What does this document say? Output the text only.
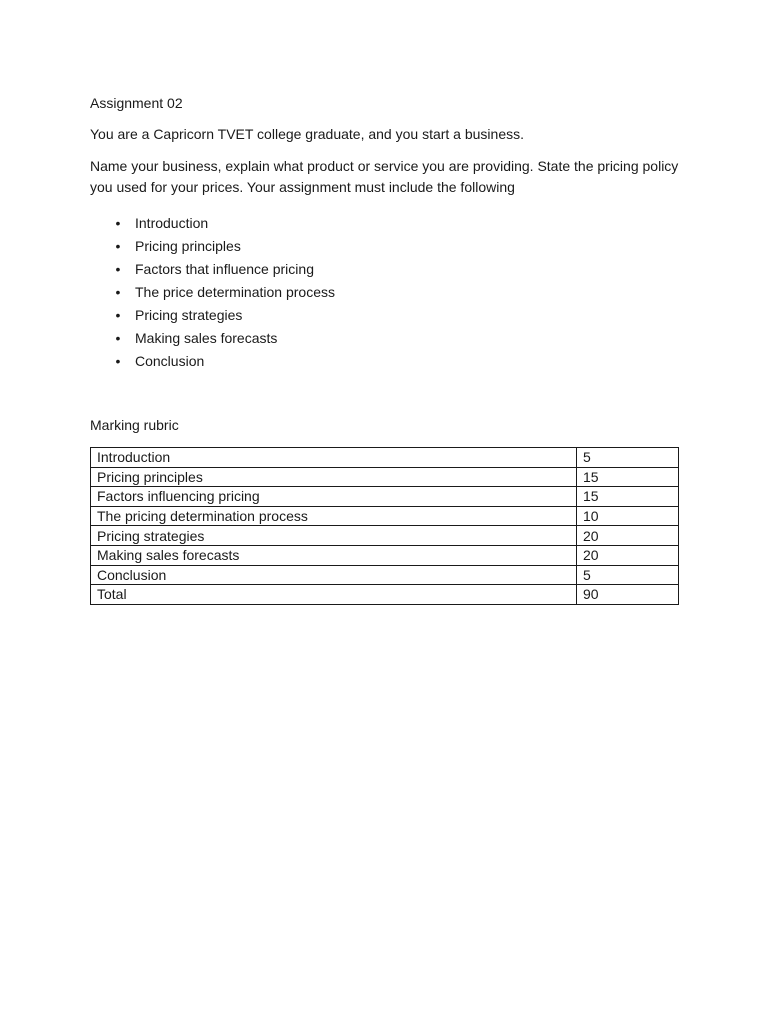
Assignment 02

You are a Capricorn TVET college graduate, and you start a business.

Name your business, explain what product or service you are providing. State the pricing policy you used for your prices. Your assignment must include the following

• Introduction
• Pricing principles
• Factors that influence pricing
• The price determination process
• Pricing strategies
• Making sales forecasts
• Conclusion

Marking rubric

Introduction	5
Pricing principles	15
Factors influencing pricing	15
The pricing determination process	10
Pricing strategies	20
Making sales forecasts	20
Conclusion	5
Total	90
